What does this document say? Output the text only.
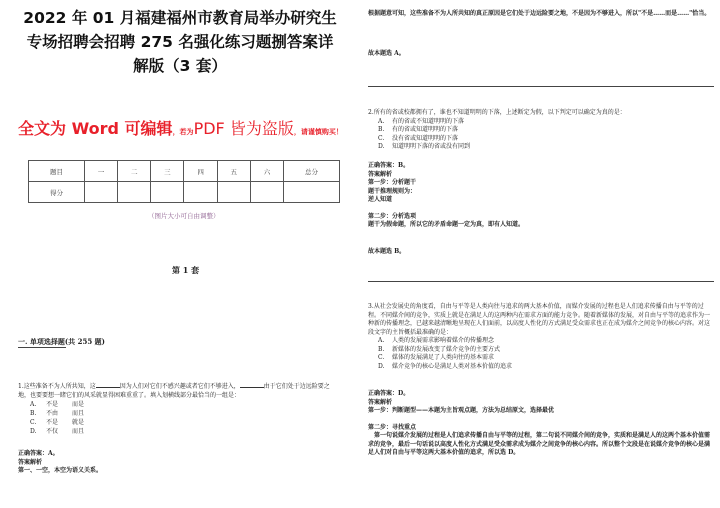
2022 年 01 月福建福州市教育局举办研究生
专场招聘会招聘 275 名强化练习题捌答案详
解版（3 套）
全文为 Word 可编辑，若为PDF 皆为盗版，请谨慎购买！
题目	一	二	三	四	五	六	总分
得分							
（图片大小可自由调整）
第 1 套
一. 单项选择题(共 255 题)
1.这些准备不为人所共知，这	因为人们对它们不感兴趣或者它们不够进入，	由于它们处于边远险要之地，也要要想一睹它们的风采就显得困难重重了。填入划横线部分最恰当的一组是：
A. 不是 而是
B. 不由 而且
C. 不是 就是
D. 不仅 而且
正确答案：A。
答案解析
第一、一空，本空为语义关系。
根据题意可知，这些准备不为人所共知的真正原因是它们处于边远险要之地，不是因为不够进入，所以"不是……而是……"恰当。
故本题选 A。
2.所有的省或校都拥有了，谁也不知道明明的下落，上述断定为假，以下判定可以确定为真的是：
A. 有的省或不知道明明的下落
B. 有的省或知道明明的下落
C. 没有省或知道明明的下落
D. 知道明明下落的省或没有同到
正确答案：B。
答案解析
第一步：分析题干
题干推理规则为：
逆人知道
第二步：分析选项
题干为假命题，所以它的矛盾命题一定为真，即有人知道。
故本题选 B。
3.从社会发展史的角度看，自由与平等是人类向往与追求的两大基本价值，而媒介发展的过程也是人们追求传播自由与平等的过程。不同媒介间的竞争，实质上就是在满足人的这两种内在需求方面的能力竞争。随着新媒体的发展，对自由与平等的追求作为一种新的传播理念，已越来越清晰地呈现在人们面前，以高度人性化的方式满足受众需求也正在成为媒介之间竞争的核心内容。对这段文字的主旨概括最准确的是：
A. 人类的发展需求影响着媒介的传播理念
B. 新媒体的发展改变了媒介竞争的主要方式
C. 媒体的发展满足了人类向往的基本需求
D. 媒介竞争的核心是满足人类对基本价值的追求
正确答案：D。
答案解析
第一步：判断题型——本题为主旨观点题，方法为总结原文，选择最优
第二步：寻找重点
第一句说媒介发展的过程是人们追求传播自由与平等的过程，第二句说不同媒介间的竞争，实质和是满足人的这两个基本价值需求的竞争，最后一句话说以高度人性化方式满足受众需求成为媒介之间竞争的核心内容。所以整个文段是在说媒介竞争的核心是满足人们对自由与平等这两大基本价值的追求，所以选 D。
